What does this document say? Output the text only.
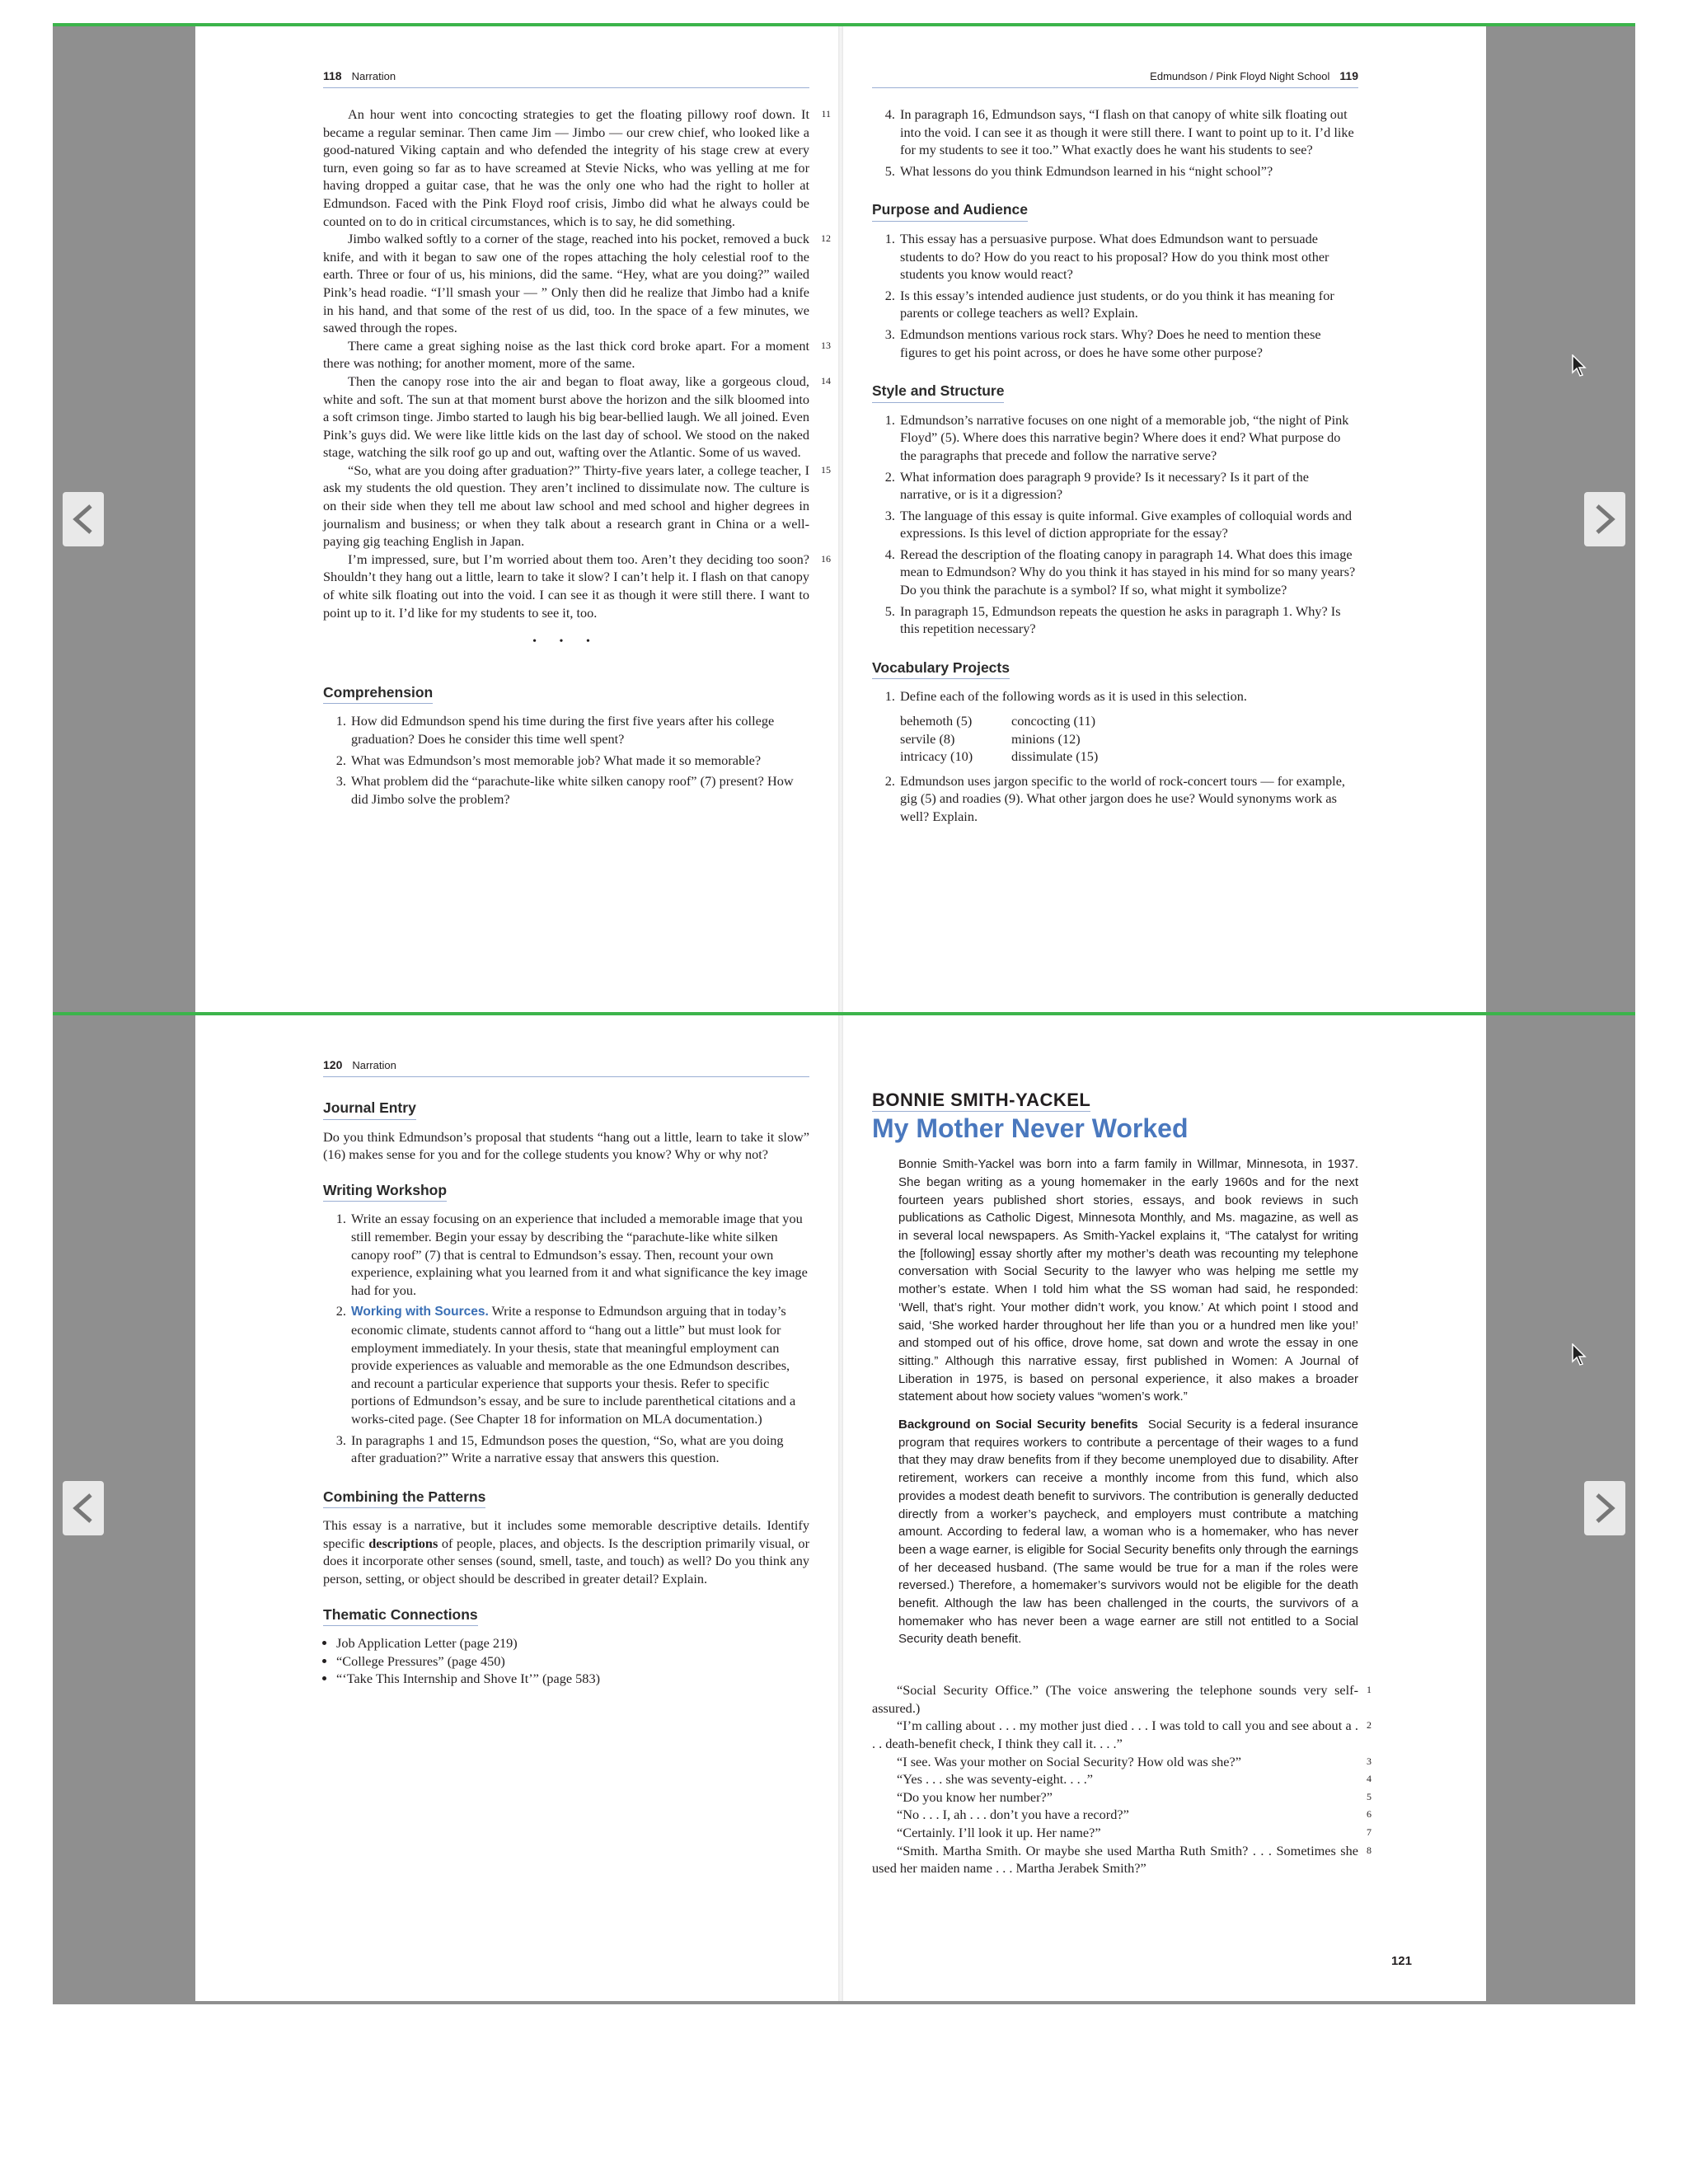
118 Narration

An hour went into concocting strategies to get the floating pillowy roof down. It became a regular seminar. Then came Jim — Jimbo — our crew chief, who looked like a good-natured Viking captain and who defended the integrity of his stage crew at every turn, even going so far as to have screamed at Stevie Nicks, who was yelling at me for having dropped a guitar case, that he was the only one who had the right to holler at Edmundson. Faced with the Pink Floyd roof crisis, Jimbo did what he always could be counted on to do in critical circumstances, which is to say, he did something.
11

Jimbo walked softly to a corner of the stage, reached into his pocket, removed a buck knife, and with it began to saw one of the ropes attaching the holy celestial roof to the earth. Three or four of us, his minions, did the same. “Hey, what are you doing?” wailed Pink’s head roadie. “I’ll smash your — ” Only then did he realize that Jimbo had a knife in his hand, and that some of the rest of us did, too. In the space of a few minutes, we sawed through the ropes.
12

There came a great sighing noise as the last thick cord broke apart. For a moment there was nothing; for another moment, more of the same.
13

Then the canopy rose into the air and began to float away, like a gorgeous cloud, white and soft. The sun at that moment burst above the horizon and the silk bloomed into a soft crimson tinge. Jimbo started to laugh his big bear-bellied laugh. We all joined. Even Pink’s guys did. We were like little kids on the last day of school. We stood on the naked stage, watching the silk roof go up and out, wafting over the Atlantic. Some of us waved.
14

“So, what are you doing after graduation?” Thirty-five years later, a college teacher, I ask my students the old question. They aren’t inclined to dissimulate now. The culture is on their side when they tell me about law school and med school and higher degrees in journalism and business; or when they talk about a research grant in China or a well-paying gig teaching English in Japan.
15

I’m impressed, sure, but I’m worried about them too. Aren’t they deciding too soon? Shouldn’t they hang out a little, learn to take it slow? I can’t help it. I flash on that canopy of white silk floating out into the void. I can see it as though it were still there. I want to point up to it. I’d like for my students to see it, too.
16

• • •
Comprehension
1. How did Edmundson spend his time during the first five years after his college graduation? Does he consider this time well spent?
2. What was Edmundson’s most memorable job? What made it so memorable?
3. What problem did the “parachute-like white silken canopy roof” (7) present? How did Jimbo solve the problem?
Edmundson / Pink Floyd Night School 119
4. In paragraph 16, Edmundson says, “I flash on that canopy of white silk floating out into the void. I can see it as though it were still there. I want to point up to it. I’d like for my students to see it too.” What exactly does he want his students to see?
5. What lessons do you think Edmundson learned in his “night school”?
Purpose and Audience
1. This essay has a persuasive purpose. What does Edmundson want to persuade students to do? How do you react to his proposal? How do you think most other students you know would react?
2. Is this essay’s intended audience just students, or do you think it has meaning for parents or college teachers as well? Explain.
3. Edmundson mentions various rock stars. Why? Does he need to mention these figures to get his point across, or does he have some other purpose?
Style and Structure
1. Edmundson’s narrative focuses on one night of a memorable job, “the night of Pink Floyd” (5). Where does this narrative begin? Where does it end? What purpose do the paragraphs that precede and follow the narrative serve?
2. What information does paragraph 9 provide? Is it necessary? Is it part of the narrative, or is it a digression?
3. The language of this essay is quite informal. Give examples of colloquial words and expressions. Is this level of diction appropriate for the essay?
4. Reread the description of the floating canopy in paragraph 14. What does this image mean to Edmundson? Why do you think it has stayed in his mind for so many years? Do you think the parachute is a symbol? If so, what might it symbolize?
5. In paragraph 15, Edmundson repeats the question he asks in paragraph 1. Why? Is this repetition necessary?
Vocabulary Projects
1. Define each of the following words as it is used in this selection.
behemoth (5)	concocting (11)
servile (8)	minions (12)
intricacy (10)	dissimulate (15)
2. Edmundson uses jargon specific to the world of rock-concert tours — for example, gig (5) and roadies (9). What other jargon does he use? Would synonyms work as well? Explain.
120 Narration
Journal Entry

Do you think Edmundson’s proposal that students “hang out a little, learn to take it slow” (16) makes sense for you and for the college students you know? Why or why not?

Writing Workshop
1. Write an essay focusing on an experience that included a memorable image that you still remember. Begin your essay by describing the “parachute-like white silken canopy roof” (7) that is central to Edmundson’s essay. Then, recount your own experience, explaining what you learned from it and what significance the key image had for you.
2. Working with Sources. Write a response to Edmundson arguing that in today’s economic climate, students cannot afford to “hang out a little” but must look for employment immediately. In your thesis, state that meaningful employment can provide experiences as valuable and memorable as the one Edmundson describes, and recount a particular experience that supports your thesis. Refer to specific portions of Edmundson’s essay, and be sure to include parenthetical citations and a works-cited page. (See Chapter 18 for information on MLA documentation.)
3. In paragraphs 1 and 15, Edmundson poses the question, “So, what are you doing after graduation?” Write a narrative essay that answers this question.
Combining the Patterns

This essay is a narrative, but it includes some memorable descriptive details. Identify specific descriptions of people, places, and objects. Is the description primarily visual, or does it incorporate other senses (sound, smell, taste, and touch) as well? Do you think any person, setting, or object should be described in greater detail? Explain.

Thematic Connections
• Job Application Letter (page 219)
• “College Pressures” (page 450)
• “‘Take This Internship and Shove It’” (page 583)
BONNIE SMITH-YACKEL
My Mother Never Worked

Bonnie Smith-Yackel was born into a farm family in Willmar, Minnesota, in 1937. She began writing as a young homemaker in the early 1960s and for the next fourteen years published short stories, essays, and book reviews in such publications as Catholic Digest, Minnesota Monthly, and Ms. magazine, as well as in several local newspapers. As Smith-Yackel explains it, “The catalyst for writing the [following] essay shortly after my mother’s death was recounting my telephone conversation with Social Security to the lawyer who was helping me settle my mother’s estate. When I told him what the SS woman had said, he responded: ‘Well, that’s right. Your mother didn’t work, you know.’ At which point I stood and said, ‘She worked harder throughout her life than you or a hundred men like you!’ and stomped out of his office, drove home, sat down and wrote the essay in one sitting.” Although this narrative essay, first published in Women: A Journal of Liberation in 1975, is based on personal experience, it also makes a broader statement about how society values “women’s work.”

Background on Social Security benefits Social Security is a federal insurance program that requires workers to contribute a percentage of their wages to a fund that they may draw benefits from if they become unemployed due to disability. After retirement, workers can receive a monthly income from this fund, which also provides a modest death benefit to survivors. The contribution is generally deducted directly from a worker’s paycheck, and employers must contribute a matching amount. According to federal law, a woman who is a homemaker, who has never been a wage earner, is eligible for Social Security benefits only through the earnings of her deceased husband. (The same would be true for a man if the roles were reversed.) Therefore, a homemaker’s survivors would not be eligible for the death benefit. Although the law has been challenged in the courts, the survivors of a homemaker who has never been a wage earner are still not entitled to a Social Security death benefit.

“Social Security Office.” (The voice answering the telephone sounds very self-assured.)
1

“I’m calling about . . . my mother just died . . . I was told to call you and see about a . . . death-benefit check, I think they call it. . . .”
2

“I see. Was your mother on Social Security? How old was she?”	3

“Yes . . . she was seventy-eight. . . .”	4

“Do you know her number?”	5

“No . . . I, ah . . . don’t you have a record?”	6

“Certainly. I’ll look it up. Her name?”	7

“Smith. Martha Smith. Or maybe she used Martha Ruth Smith? . . . Sometimes she used her maiden name . . . Martha Jerabek Smith?”
8

121
